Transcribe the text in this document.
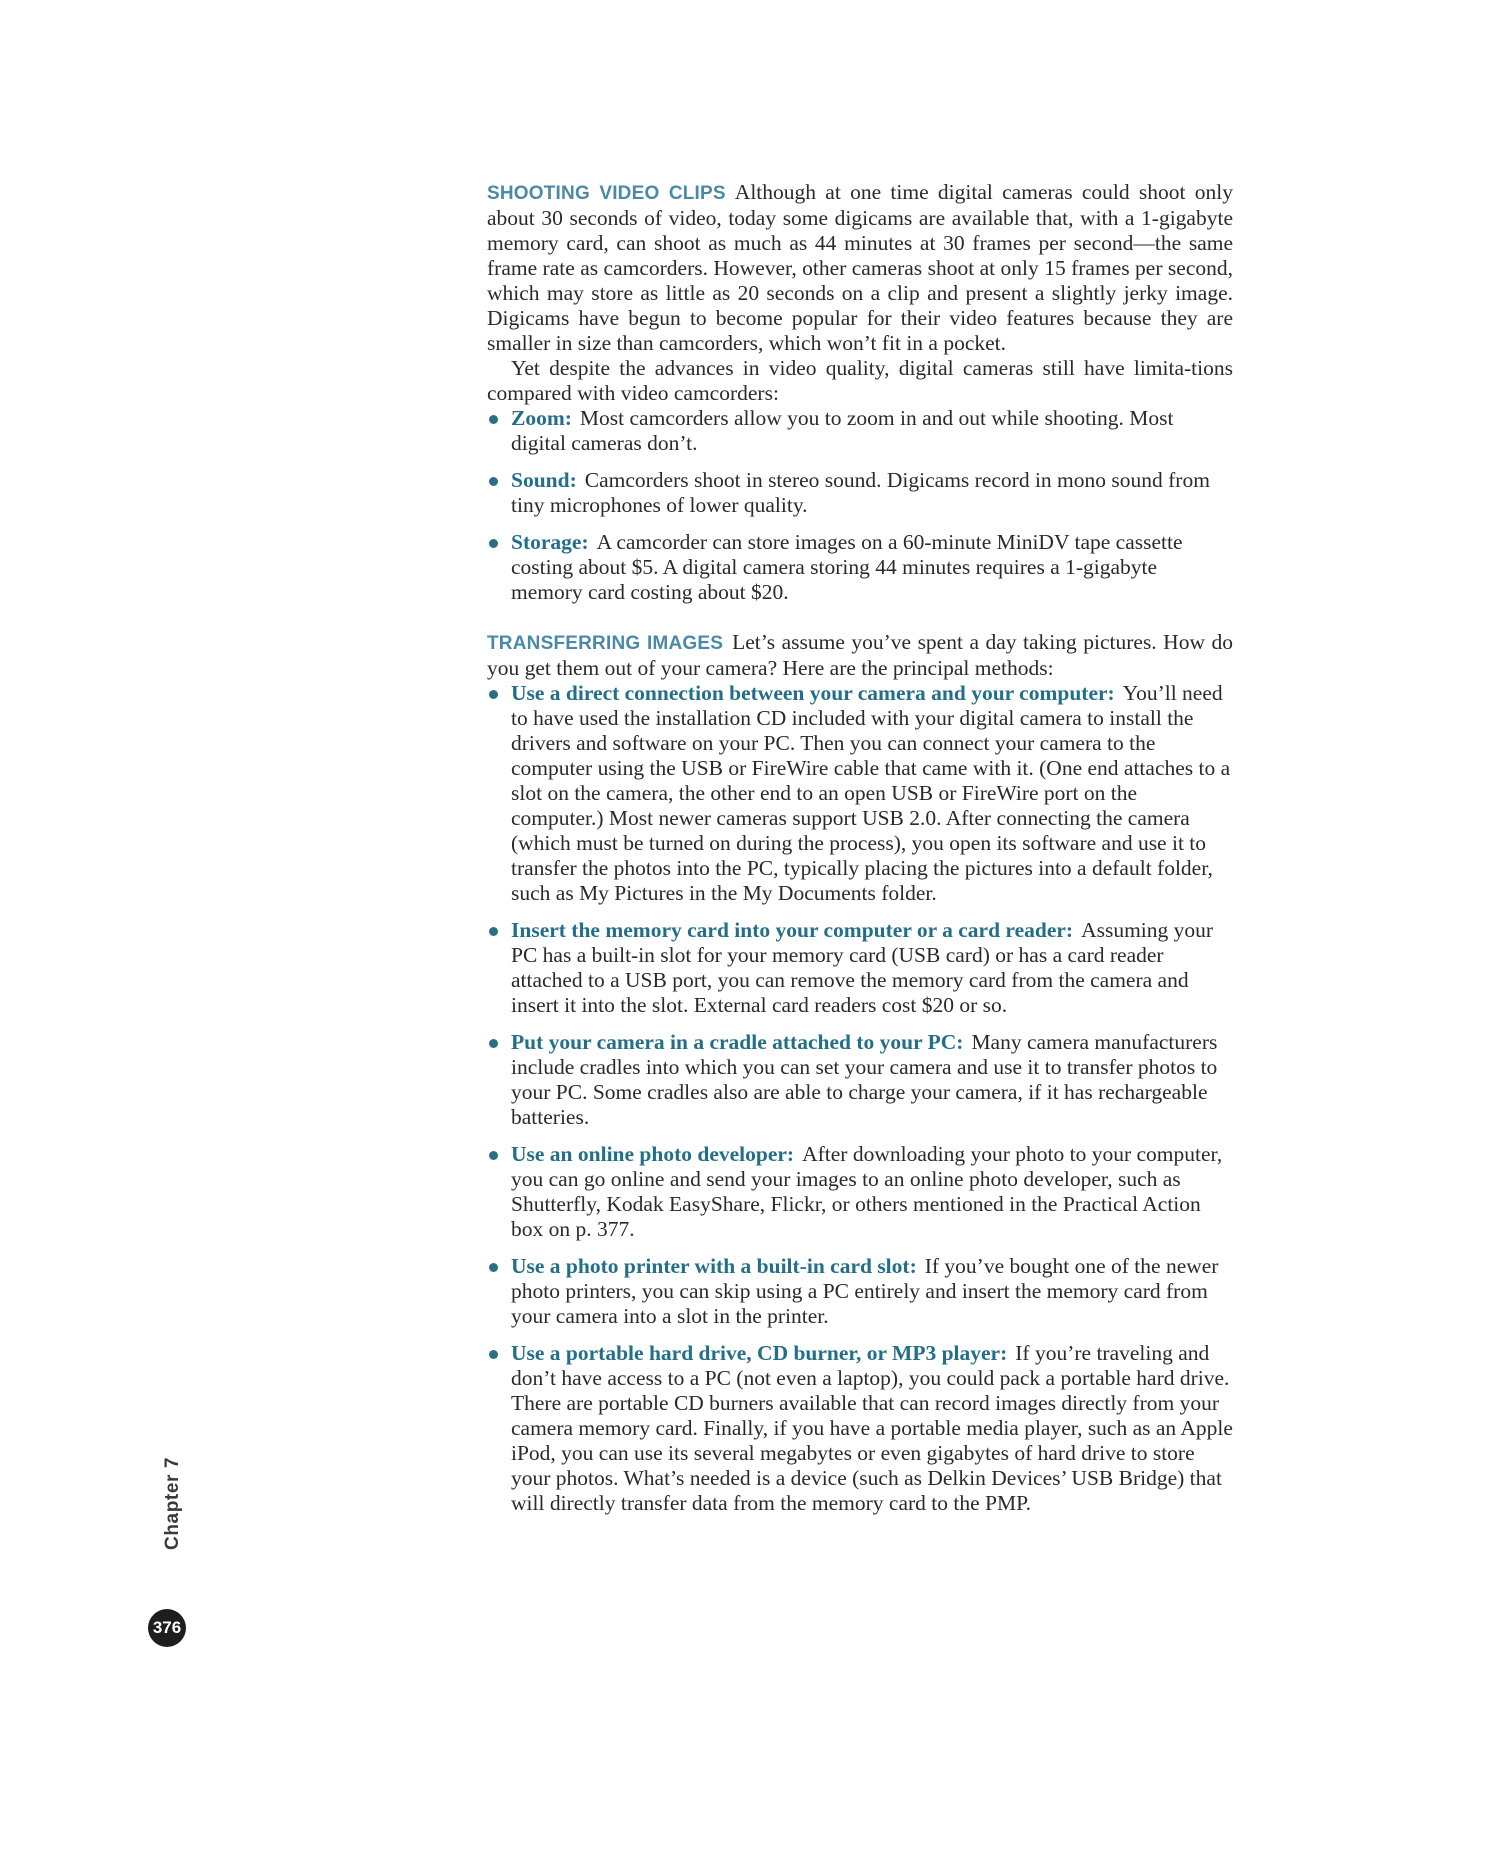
SHOOTING VIDEO CLIPS Although at one time digital cameras could shoot only about 30 seconds of video, today some digicams are available that, with a 1-gigabyte memory card, can shoot as much as 44 minutes at 30 frames per second—the same frame rate as camcorders. However, other cameras shoot at only 15 frames per second, which may store as little as 20 seconds on a clip and present a slightly jerky image. Digicams have begun to become popular for their video features because they are smaller in size than camcorders, which won’t fit in a pocket.

Yet despite the advances in video quality, digital cameras still have limita-tions compared with video camcorders:

Zoom: Most camcorders allow you to zoom in and out while shooting. Most digital cameras don’t.
Sound: Camcorders shoot in stereo sound. Digicams record in mono sound from tiny microphones of lower quality.
Storage: A camcorder can store images on a 60-minute MiniDV tape cassette costing about $5. A digital camera storing 44 minutes requires a 1-gigabyte memory card costing about $20.

TRANSFERRING IMAGES Let’s assume you’ve spent a day taking pictures. How do you get them out of your camera? Here are the principal methods:

Use a direct connection between your camera and your computer: You’ll need to have used the installation CD included with your digital camera to install the drivers and software on your PC. Then you can connect your camera to the computer using the USB or FireWire cable that came with it. (One end attaches to a slot on the camera, the other end to an open USB or FireWire port on the computer.) Most newer cameras support USB 2.0. After connecting the camera (which must be turned on during the process), you open its software and use it to transfer the photos into the PC, typically placing the pictures into a default folder, such as My Pictures in the My Documents folder.
Insert the memory card into your computer or a card reader: Assuming your PC has a built-in slot for your memory card (USB card) or has a card reader attached to a USB port, you can remove the memory card from the camera and insert it into the slot. External card readers cost $20 or so.
Put your camera in a cradle attached to your PC: Many camera manufacturers include cradles into which you can set your camera and use it to transfer photos to your PC. Some cradles also are able to charge your camera, if it has rechargeable batteries.
Use an online photo developer: After downloading your photo to your computer, you can go online and send your images to an online photo developer, such as Shutterfly, Kodak EasyShare, Flickr, or others mentioned in the Practical Action box on p. 377.
Use a photo printer with a built-in card slot: If you’ve bought one of the newer photo printers, you can skip using a PC entirely and insert the memory card from your camera into a slot in the printer.
Use a portable hard drive, CD burner, or MP3 player: If you’re traveling and don’t have access to a PC (not even a laptop), you could pack a portable hard drive. There are portable CD burners available that can record images directly from your camera memory card. Finally, if you have a portable media player, such as an Apple iPod, you can use its several megabytes or even gigabytes of hard drive to store your photos. What’s needed is a device (such as Delkin Devices’ USB Bridge) that will directly transfer data from the memory card to the PMP.
Chapter 7
376
